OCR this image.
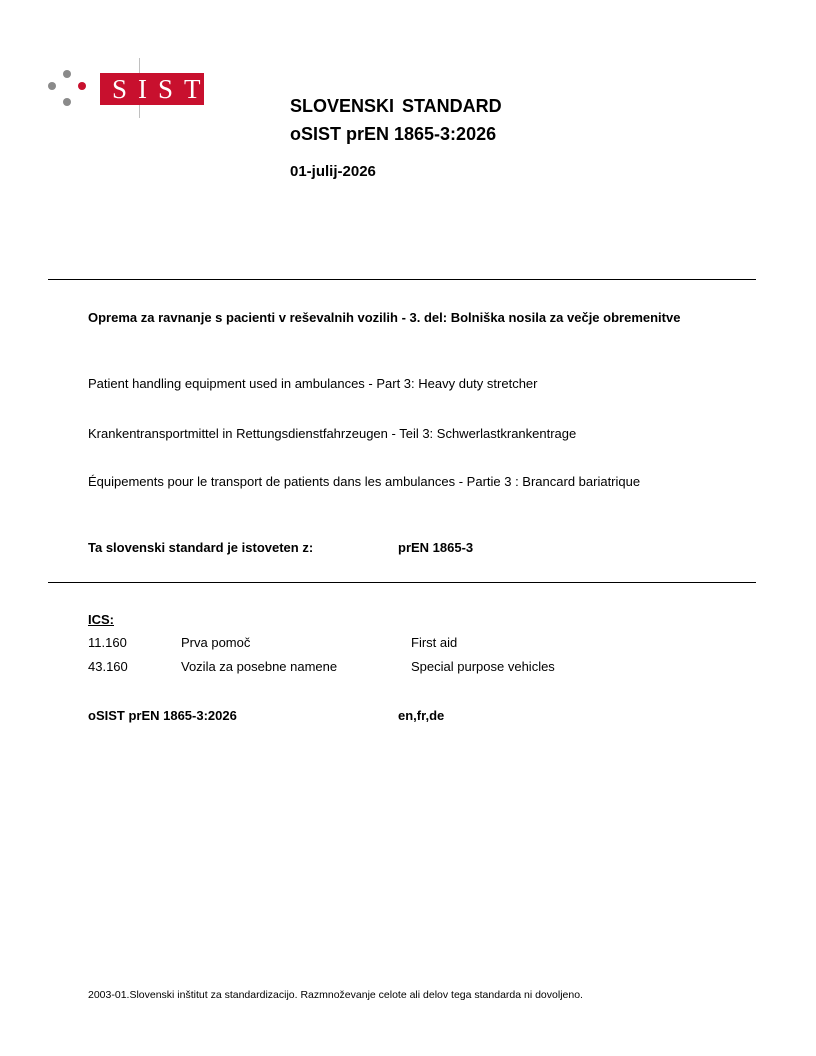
SIST
SLOVENSKI STANDARD
oSIST prEN 1865-3:2026
01-julij-2026
Oprema za ravnanje s pacienti v reševalnih vozilih - 3. del: Bolniška nosila za večje obremenitve
Patient handling equipment used in ambulances - Part 3: Heavy duty stretcher
Krankentransportmittel in Rettungsdienstfahrzeugen - Teil 3: Schwerlastkrankentrage
Équipements pour le transport de patients dans les ambulances - Partie 3 : Brancard bariatrique
Ta slovenski standard je istoveten z:	prEN 1865-3
ICS:
11.160	Prva pomoč	First aid
43.160	Vozila za posebne namene	Special purpose vehicles
oSIST prEN 1865-3:2026	en,fr,de
2003-01.Slovenski inštitut za standardizacijo. Razmnoževanje celote ali delov tega standarda ni dovoljeno.
